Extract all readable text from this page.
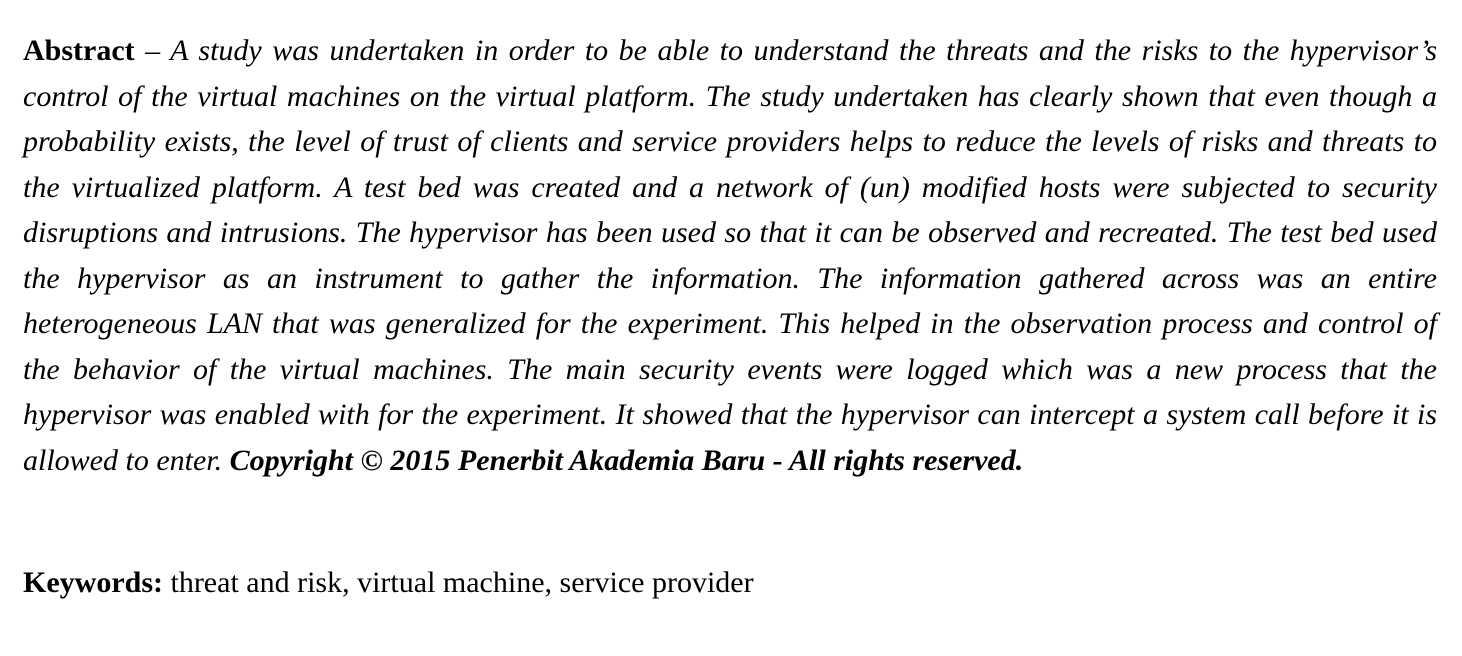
Abstract – A study was undertaken in order to be able to understand the threats and the risks to the hypervisor’s control of the virtual machines on the virtual platform. The study undertaken has clearly shown that even though a probability exists, the level of trust of clients and service providers helps to reduce the levels of risks and threats to the virtualized platform. A test bed was created and a network of (un) modified hosts were subjected to security disruptions and intrusions. The hypervisor has been used so that it can be observed and recreated. The test bed used the hypervisor as an instrument to gather the information. The information gathered across was an entire heterogeneous LAN that was generalized for the experiment. This helped in the observation process and control of the behavior of the virtual machines. The main security events were logged which was a new process that the hypervisor was enabled with for the experiment. It showed that the hypervisor can intercept a system call before it is allowed to enter. Copyright © 2015 Penerbit Akademia Baru - All rights reserved.
Keywords: threat and risk, virtual machine, service provider
